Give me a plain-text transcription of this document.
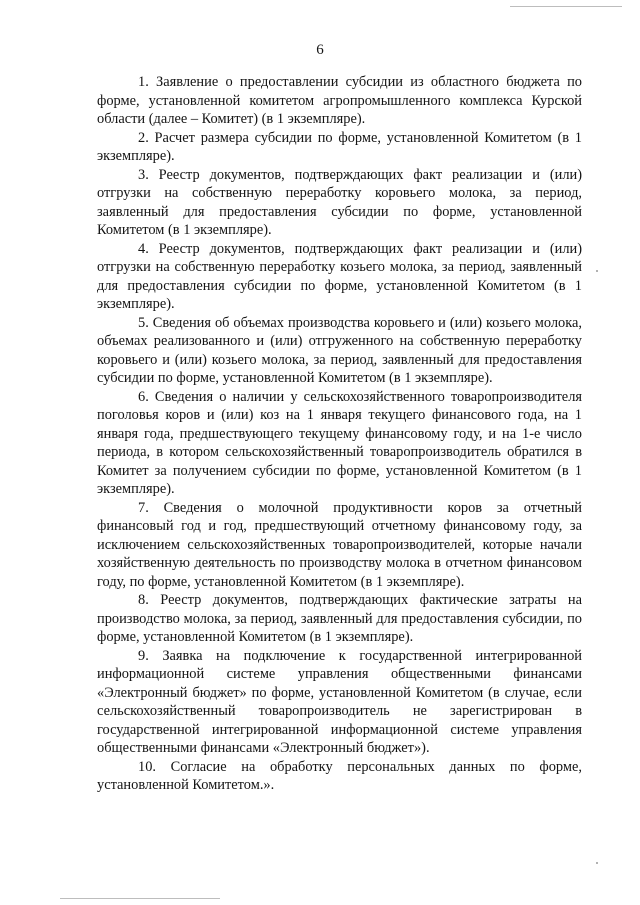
6

1. Заявление о предоставлении субсидии из областного бюджета по форме, установленной комитетом агропромышленного комплекса Курской области (далее – Комитет) (в 1 экземпляре).

2. Расчет размера субсидии по форме, установленной Комитетом (в 1 экземпляре).

3. Реестр документов, подтверждающих факт реализации и (или) отгрузки на собственную переработку коровьего молока, за период, заявленный для предоставления субсидии по форме, установленной Комитетом (в 1 экземпляре).

4. Реестр документов, подтверждающих факт реализации и (или) отгрузки на собственную переработку козьего молока, за период, заявленный для предоставления субсидии по форме, установленной Комитетом (в 1 экземпляре).

5. Сведения об объемах производства коровьего и (или) козьего молока, объемах реализованного и (или) отгруженного на собственную переработку коровьего и (или) козьего молока, за период, заявленный для предоставления субсидии по форме, установленной Комитетом (в 1 экземпляре).

6. Сведения о наличии у сельскохозяйственного товаропроизводителя поголовья коров и (или) коз на 1 января текущего финансового года, на 1 января года, предшествующего текущему финансовому году, и на 1-е число периода, в котором сельскохозяйственный товаропроизводитель обратился в Комитет за получением субсидии по форме, установленной Комитетом (в 1 экземпляре).

7. Сведения о молочной продуктивности коров за отчетный финансовый год и год, предшествующий отчетному финансовому году, за исключением сельскохозяйственных товаропроизводителей, которые начали хозяйственную деятельность по производству молока в отчетном финансовом году, по форме, установленной Комитетом (в 1 экземпляре).

8. Реестр документов, подтверждающих фактические затраты на производство молока, за период, заявленный для предоставления субсидии, по форме, установленной Комитетом (в 1 экземпляре).

9. Заявка на подключение к государственной интегрированной информационной системе управления общественными финансами «Электронный бюджет» по форме, установленной Комитетом (в случае, если сельскохозяйственный товаропроизводитель не зарегистрирован в государственной интегрированной информационной системе управления общественными финансами «Электронный бюджет»).

10. Согласие на обработку персональных данных по форме, установленной Комитетом.».
